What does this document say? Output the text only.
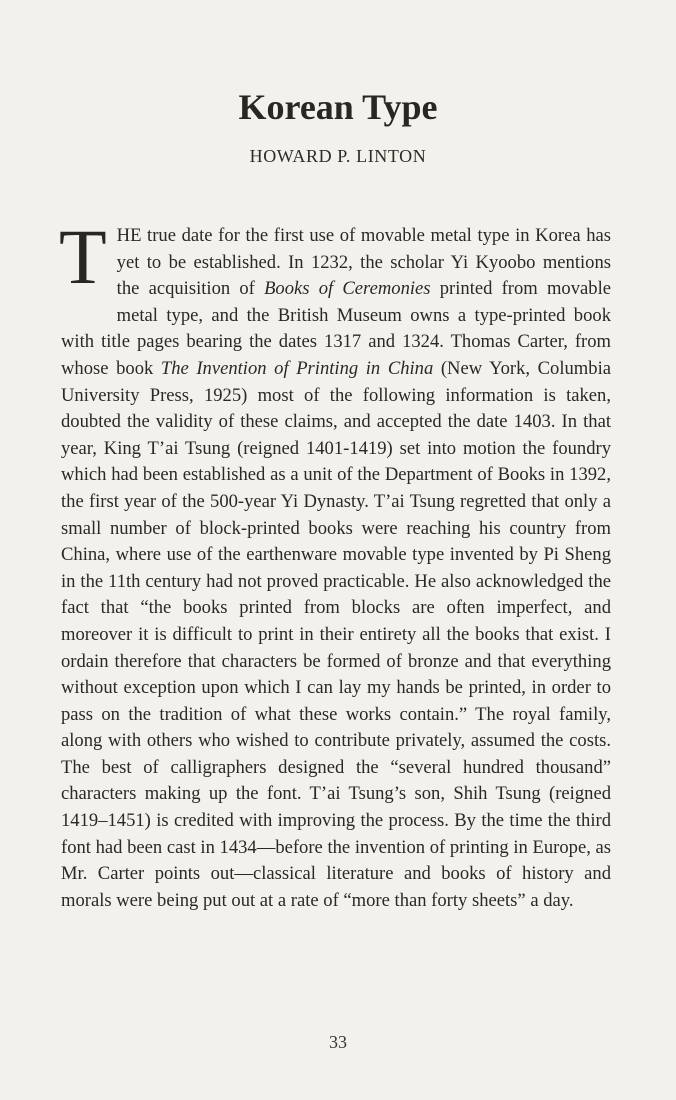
Korean Type
HOWARD P. LINTON

THE true date for the first use of movable metal type in Korea has yet to be established. In 1232, the scholar Yi Kyoobo mentions the acquisition of Books of Ceremonies printed from movable metal type, and the British Museum owns a type-printed book with title pages bearing the dates 1317 and 1324. Thomas Carter, from whose book The Invention of Printing in China (New York, Columbia University Press, 1925) most of the following information is taken, doubted the validity of these claims, and accepted the date 1403. In that year, King T’ai Tsung (reigned 1401-1419) set into motion the foundry which had been established as a unit of the Department of Books in 1392, the first year of the 500-year Yi Dynasty. T’ai Tsung regretted that only a small number of block-printed books were reaching his country from China, where use of the earthenware movable type invented by Pi Sheng in the 11th century had not proved practicable. He also acknowledged the fact that “the books printed from blocks are often imperfect, and moreover it is difficult to print in their entirety all the books that exist. I ordain therefore that characters be formed of bronze and that everything without exception upon which I can lay my hands be printed, in order to pass on the tradition of what these works contain.” The royal family, along with others who wished to contribute privately, assumed the costs. The best of calligraphers designed the “several hundred thousand” characters making up the font. T’ai Tsung’s son, Shih Tsung (reigned 1419–1451) is credited with improving the process. By the time the third font had been cast in 1434—before the invention of printing in Europe, as Mr. Carter points out—classical literature and books of history and morals were being put out at a rate of “more than forty sheets” a day.

33
